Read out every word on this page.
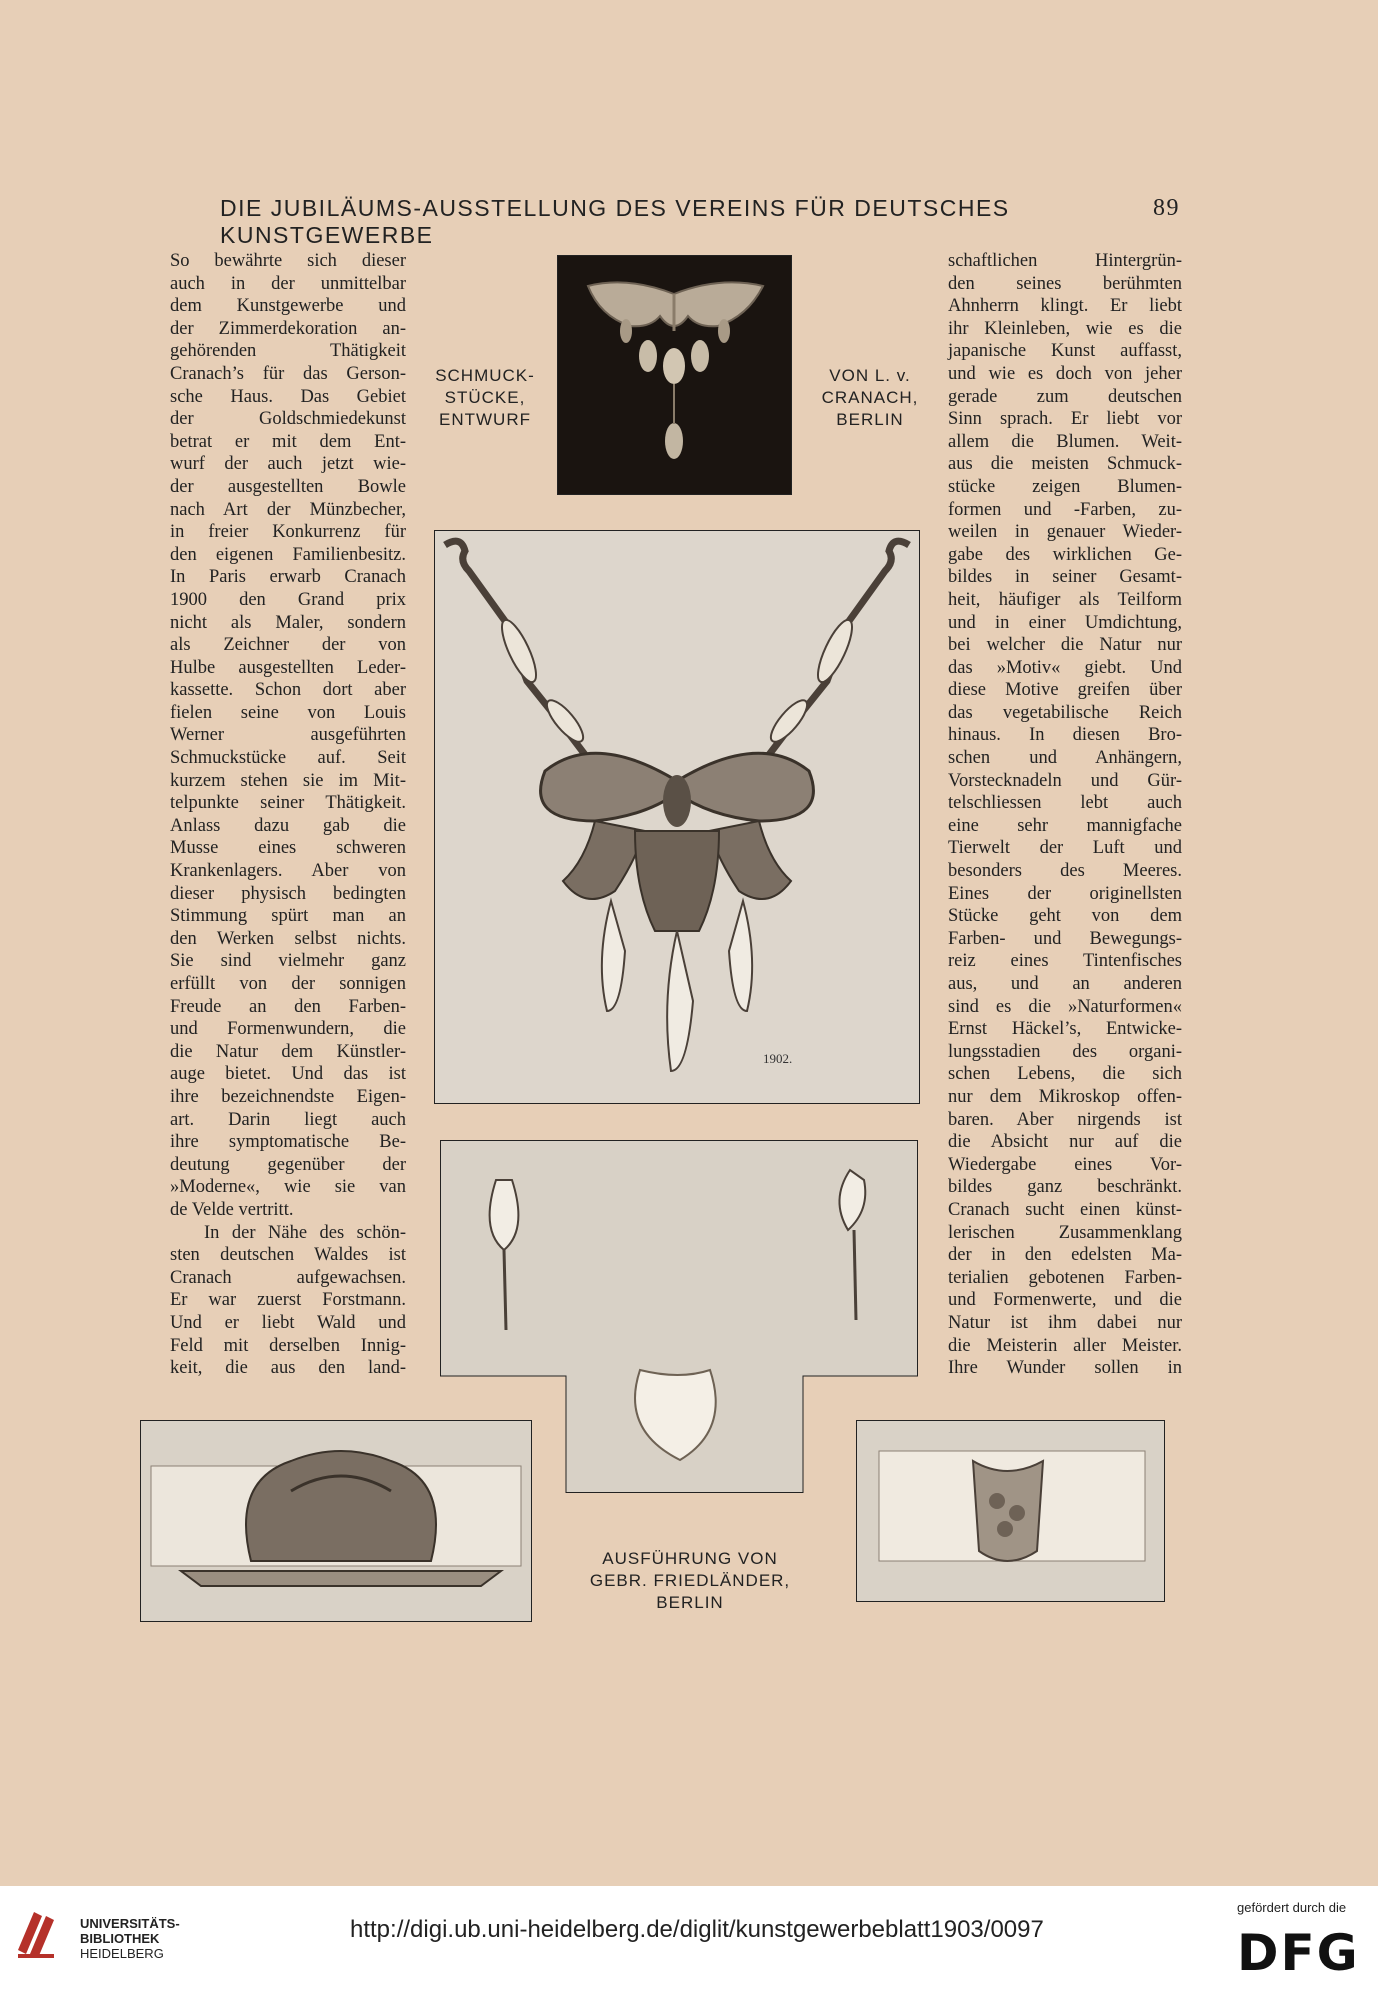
DIE JUBILÄUMS-AUSSTELLUNG DES VEREINS FÜR DEUTSCHES KUNSTGEWERBE
89
So bewährte sich dieser
auch in der unmittelbar
dem Kunstgewerbe und
der Zimmerdekoration an-
gehörenden Thätigkeit
Cranach’s für das Gerson-
sche Haus. Das Gebiet
der Goldschmiedekunst
betrat er mit dem Ent-
wurf der auch jetzt wie-
der ausgestellten Bowle
nach Art der Münzbecher,
in freier Konkurrenz für
den eigenen Familienbesitz.
In Paris erwarb Cranach
1900 den Grand prix
nicht als Maler, sondern
als Zeichner der von
Hulbe ausgestellten Leder-
kassette. Schon dort aber
fielen seine von Louis
Werner ausgeführten
Schmuckstücke auf. Seit
kurzem stehen sie im Mit-
telpunkte seiner Thätigkeit.
Anlass dazu gab die
Musse eines schweren
Krankenlagers. Aber von
dieser physisch bedingten
Stimmung spürt man an
den Werken selbst nichts.
Sie sind vielmehr ganz
erfüllt von der sonnigen
Freude an den Farben-
und Formenwundern, die
die Natur dem Künstler-
auge bietet. Und das ist
ihre bezeichnendste Eigen-
art. Darin liegt auch
ihre symptomatische Be-
deutung gegenüber der
»Moderne«, wie sie van
de Velde vertritt.
In der Nähe des schön-
sten deutschen Waldes ist
Cranach aufgewachsen.
Er war zuerst Forstmann.
Und er liebt Wald und
Feld mit derselben Innig-
keit, die aus den land-
schaftlichen Hintergrün-
den seines berühmten
Ahnherrn klingt. Er liebt
ihr Kleinleben, wie es die
japanische Kunst auffasst,
und wie es doch von jeher
gerade zum deutschen
Sinn sprach. Er liebt vor
allem die Blumen. Weit-
aus die meisten Schmuck-
stücke zeigen Blumen-
formen und -Farben, zu-
weilen in genauer Wieder-
gabe des wirklichen Ge-
bildes in seiner Gesamt-
heit, häufiger als Teilform
und in einer Umdichtung,
bei welcher die Natur nur
das »Motiv« giebt. Und
diese Motive greifen über
das vegetabilische Reich
hinaus. In diesen Bro-
schen und Anhängern,
Vorstecknadeln und Gür-
telschliessen lebt auch
eine sehr mannigfache
Tierwelt der Luft und
besonders des Meeres.
Eines der originellsten
Stücke geht von dem
Farben- und Bewegungs-
reiz eines Tintenfisches
aus, und an anderen
sind es die »Naturformen«
Ernst Häckel’s, Entwicke-
lungsstadien des organi-
schen Lebens, die sich
nur dem Mikroskop offen-
baren. Aber nirgends ist
die Absicht nur auf die
Wiedergabe eines Vor-
bildes ganz beschränkt.
Cranach sucht einen künst-
lerischen Zusammenklang
der in den edelsten Ma-
terialien gebotenen Farben-
und Formenwerte, und die
Natur ist ihm dabei nur
die Meisterin aller Meister.
Ihre Wunder sollen in
SCHMUCK-
STÜCKE,
ENTWURF
VON L. v.
CRANACH,
BERLIN
1902.
AUSFÜHRUNG VON
GEBR. FRIEDLÄNDER,
BERLIN
UNIVERSITÄTS-
BIBLIOTHEK
HEIDELBERG
http://digi.ub.uni-heidelberg.de/diglit/kunstgewerbeblatt1903/0097
gefördert durch die
DFG
